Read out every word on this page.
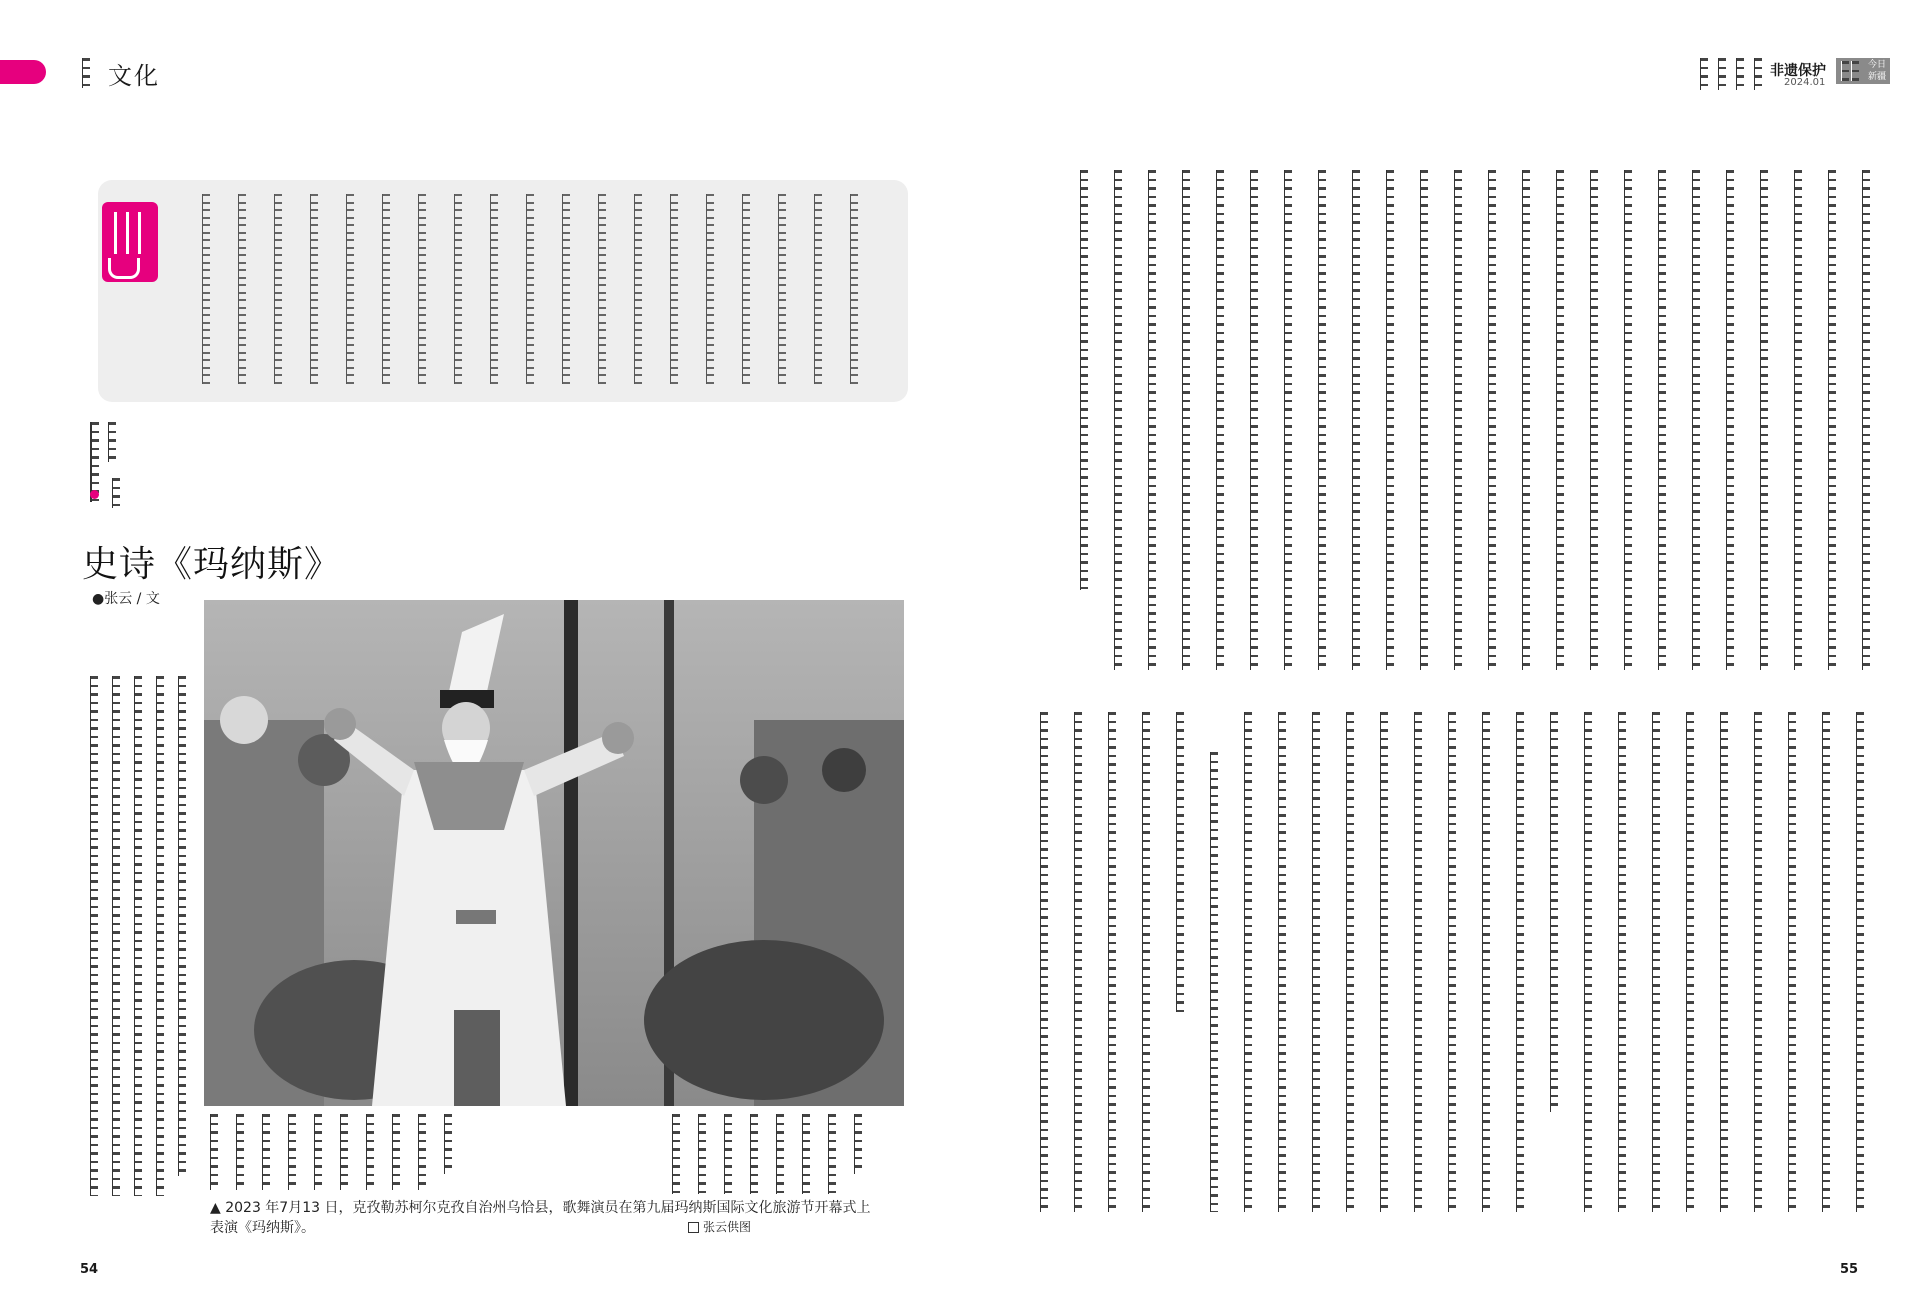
文化
史诗《玛纳斯》
●张云 / 文
▲ 2023 年7月13 日，克孜勒苏柯尔克孜自治州乌恰县，歌舞演员在第九届玛纳斯国际文化旅游节开幕式上表演《玛纳斯》。	张云供图
54
非遗保护
2024.01
今日新疆
55
